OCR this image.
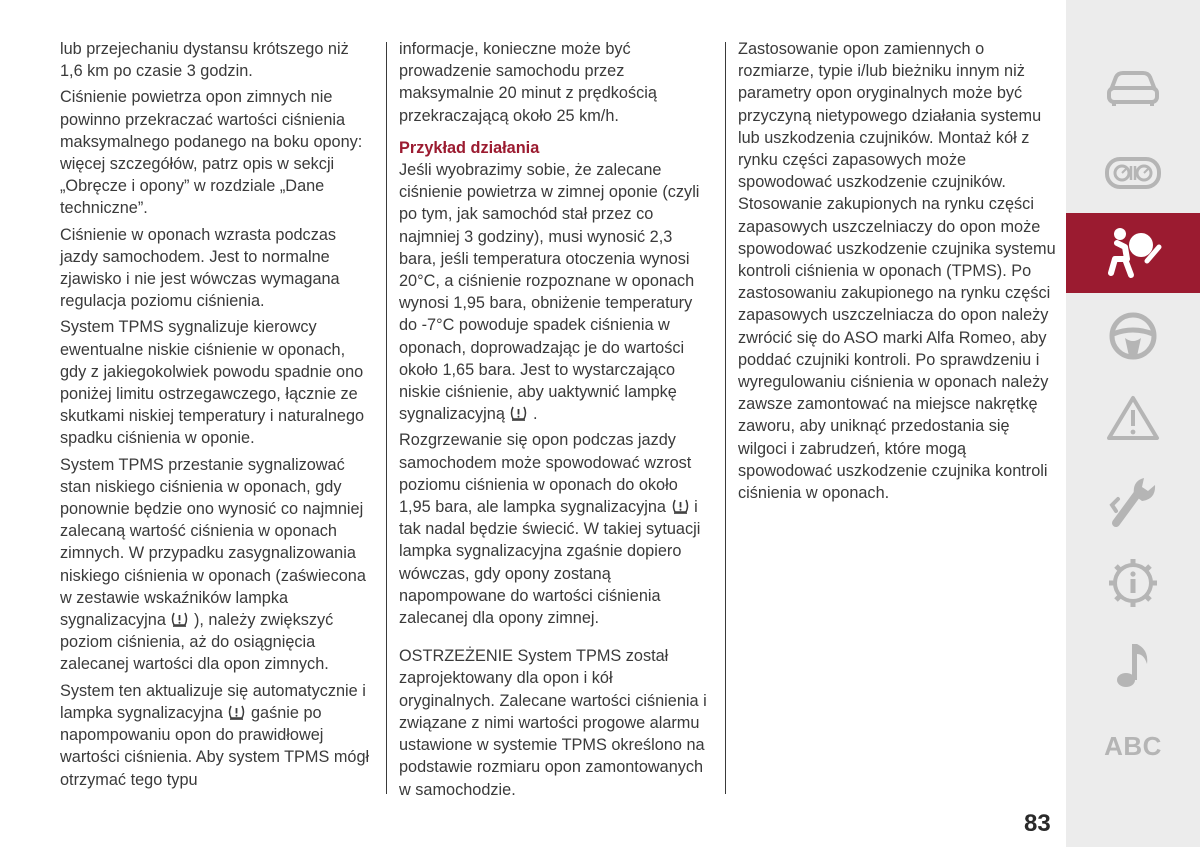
lub przejechaniu dystansu krótszego niż 1,6 km po czasie 3 godzin.

Ciśnienie powietrza opon zimnych nie powinno przekraczać wartości ciśnienia maksymalnego podanego na boku opony: więcej szczegółów, patrz opis w sekcji „Obręcze i opony” w rozdziale „Dane techniczne”.

Ciśnienie w oponach wzrasta podczas jazdy samochodem. Jest to normalne zjawisko i nie jest wówczas wymagana regulacja poziomu ciśnienia.

System TPMS sygnalizuje kierowcy ewentualne niskie ciśnienie w oponach, gdy z jakiegokolwiek powodu spadnie ono poniżej limitu ostrzegawczego, łącznie ze skutkami niskiej temperatury i naturalnego spadku ciśnienia w oponie.

System TPMS przestanie sygnalizować stan niskiego ciśnienia w oponach, gdy ponownie będzie ono wynosić co najmniej zalecaną wartość ciśnienia w oponach zimnych. W przypadku zasygnalizowania niskiego ciśnienia w oponach (zaświecona w zestawie wskaźników lampka sygnalizacyjna ), należy zwiększyć poziom ciśnienia, aż do osiągnięcia zalecanej wartości dla opon zimnych.

System ten aktualizuje się automatycznie i lampka sygnalizacyjna gaśnie po napompowaniu opon do prawidłowej wartości ciśnienia. Aby system TPMS mógł otrzymać tego typu

informacje, konieczne może być prowadzenie samochodu przez maksymalnie 20 minut z prędkością przekraczającą około 25 km/h.

Przykład działania

Jeśli wyobrazimy sobie, że zalecane ciśnienie powietrza w zimnej oponie (czyli po tym, jak samochód stał przez co najmniej 3 godziny), musi wynosić 2,3 bara, jeśli temperatura otoczenia wynosi 20°C, a ciśnienie rozpoznane w oponach wynosi 1,95 bara, obniżenie temperatury do -7°C powoduje spadek ciśnienia w oponach, doprowadzając je do wartości około 1,65 bara. Jest to wystarczająco niskie ciśnienie, aby uaktywnić lampkę sygnalizacyjną .

Rozgrzewanie się opon podczas jazdy samochodem może spowodować wzrost poziomu ciśnienia w oponach do około 1,95 bara, ale lampka sygnalizacyjna i tak nadal będzie świecić. W takiej sytuacji lampka sygnalizacyjna zgaśnie dopiero wówczas, gdy opony zostaną napompowane do wartości ciśnienia zalecanej dla opony zimnej.

OSTRZEŻENIE System TPMS został zaprojektowany dla opon i kół oryginalnych. Zalecane wartości ciśnienia i związane z nimi wartości progowe alarmu ustawione w systemie TPMS określono na podstawie rozmiaru opon zamontowanych w samochodzie.

Zastosowanie opon zamiennych o rozmiarze, typie i/lub bieżniku innym niż parametry opon oryginalnych może być przyczyną nietypowego działania systemu lub uszkodzenia czujników. Montaż kół z rynku części zapasowych może spowodować uszkodzenie czujników. Stosowanie zakupionych na rynku części zapasowych uszczelniaczy do opon może spowodować uszkodzenie czujnika systemu kontroli ciśnienia w oponach (TPMS). Po zastosowaniu zakupionego na rynku części zapasowych uszczelniacza do opon należy zwrócić się do ASO marki Alfa Romeo, aby poddać czujniki kontroli. Po sprawdzeniu i wyregulowaniu ciśnienia w oponach należy zawsze zamontować na miejsce nakrętkę zaworu, aby uniknąć przedostania się wilgoci i zabrudzeń, które mogą spowodować uszkodzenie czujnika kontroli ciśnienia w oponach.

83
ABC
